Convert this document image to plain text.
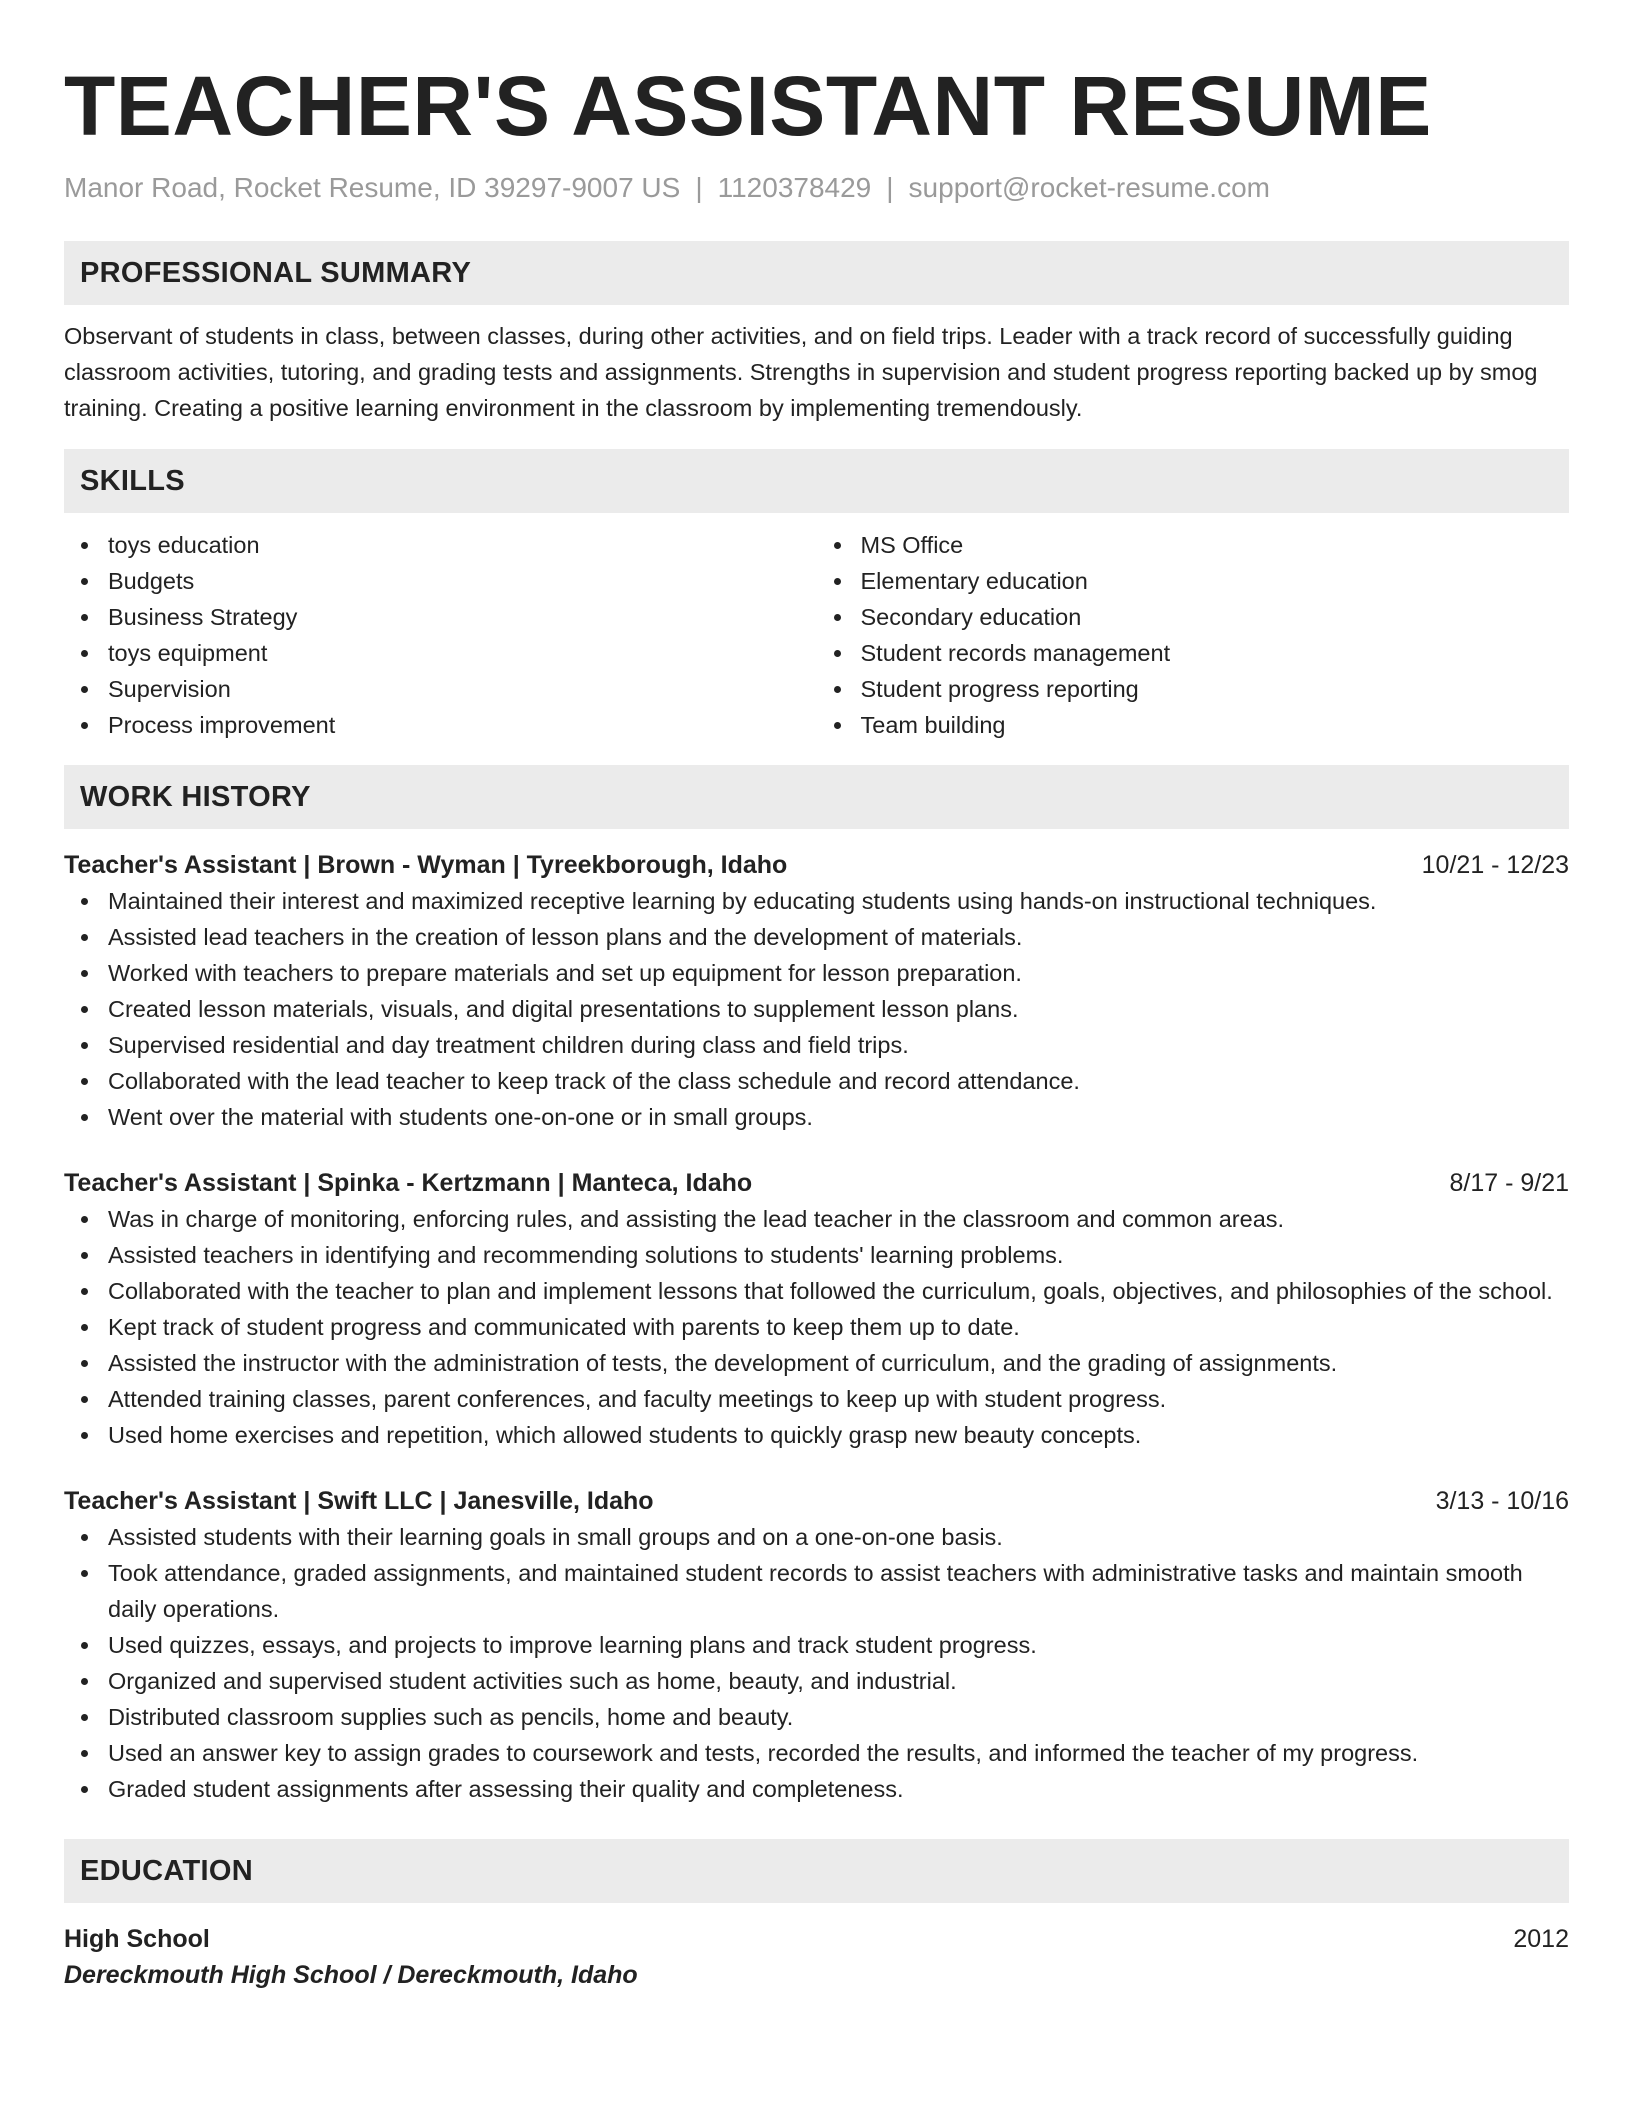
TEACHER'S ASSISTANT RESUME
Manor Road, Rocket Resume, ID 39297-9007 US | 1120378429 | support@rocket-resume.com
PROFESSIONAL SUMMARY

Observant of students in class, between classes, during other activities, and on field trips. Leader with a track record of successfully guiding classroom activities, tutoring, and grading tests and assignments. Strengths in supervision and student progress reporting backed up by smog training. Creating a positive learning environment in the classroom by implementing tremendously.

SKILLS
toys education
Budgets
Business Strategy
toys equipment
Supervision
Process improvement
MS Office
Elementary education
Secondary education
Student records management
Student progress reporting
Team building
WORK HISTORY
Teacher's Assistant | Brown - Wyman | Tyreekborough, Idaho	10/21 - 12/23
Maintained their interest and maximized receptive learning by educating students using hands-on instructional techniques.
Assisted lead teachers in the creation of lesson plans and the development of materials.
Worked with teachers to prepare materials and set up equipment for lesson preparation.
Created lesson materials, visuals, and digital presentations to supplement lesson plans.
Supervised residential and day treatment children during class and field trips.
Collaborated with the lead teacher to keep track of the class schedule and record attendance.
Went over the material with students one-on-one or in small groups.
Teacher's Assistant | Spinka - Kertzmann | Manteca, Idaho	8/17 - 9/21
Was in charge of monitoring, enforcing rules, and assisting the lead teacher in the classroom and common areas.
Assisted teachers in identifying and recommending solutions to students' learning problems.
Collaborated with the teacher to plan and implement lessons that followed the curriculum, goals, objectives, and philosophies of the school.
Kept track of student progress and communicated with parents to keep them up to date.
Assisted the instructor with the administration of tests, the development of curriculum, and the grading of assignments.
Attended training classes, parent conferences, and faculty meetings to keep up with student progress.
Used home exercises and repetition, which allowed students to quickly grasp new beauty concepts.
Teacher's Assistant | Swift LLC | Janesville, Idaho	3/13 - 10/16
Assisted students with their learning goals in small groups and on a one-on-one basis.
Took attendance, graded assignments, and maintained student records to assist teachers with administrative tasks and maintain smooth daily operations.
Used quizzes, essays, and projects to improve learning plans and track student progress.
Organized and supervised student activities such as home, beauty, and industrial.
Distributed classroom supplies such as pencils, home and beauty.
Used an answer key to assign grades to coursework and tests, recorded the results, and informed the teacher of my progress.
Graded student assignments after assessing their quality and completeness.
EDUCATION
High School	2012
Dereckmouth High School / Dereckmouth, Idaho
